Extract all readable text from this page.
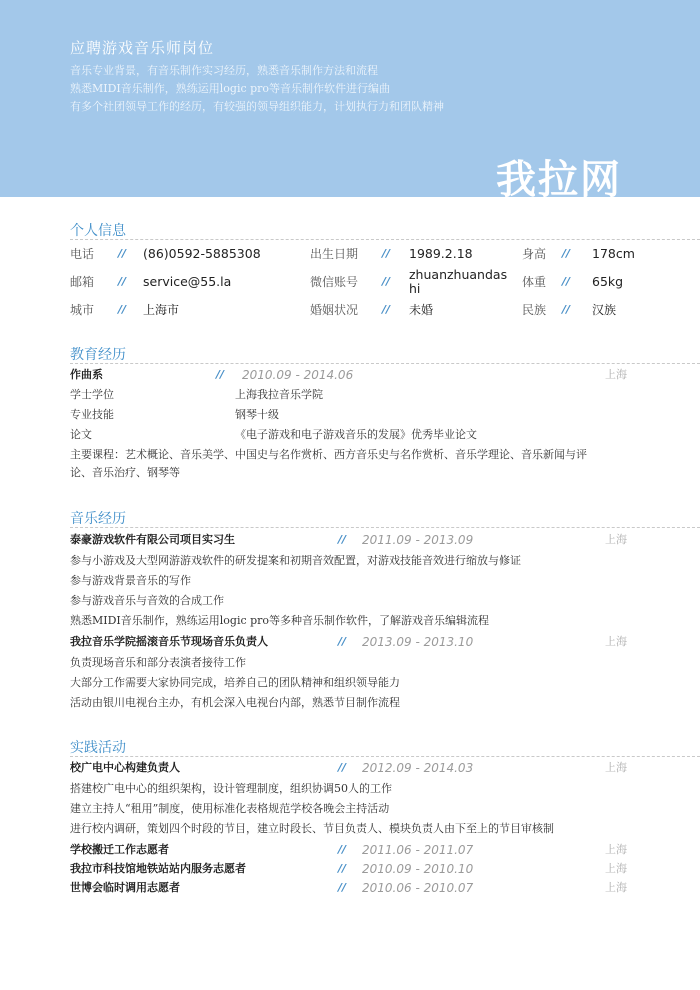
应聘游戏音乐师岗位
音乐专业背景，有音乐制作实习经历，熟悉音乐制作方法和流程
熟悉MIDI音乐制作，熟练运用logic pro等音乐制作软件进行编曲
有多个社团领导工作的经历，有较强的领导组织能力，计划执行力和团队精神
我拉网
个人信息
电话 // (86)0592-5885308	出生日期 // 1989.2.18	身高 // 178cm
邮箱 // service@55.la	微信账号 // zhuanzhuandashi	体重 // 65kg
城市 // 上海市	婚姻状况 // 未婚	民族 // 汉族
教育经历
作曲系	// 2010.09 - 2014.06	上海
学士学位	上海我拉音乐学院
专业技能	钢琴十级
论文	《电子游戏和电子游戏音乐的发展》优秀毕业论文
主要课程：艺术概论、音乐美学、中国史与名作赏析、西方音乐史与名作赏析、音乐学理论、音乐新闻与评
论、音乐治疗、钢琴等
音乐经历
泰豪游戏软件有限公司项目实习生	// 2011.09 - 2013.09	上海
参与小游戏及大型网游游戏软件的研发提案和初期音效配置，对游戏技能音效进行缩放与修证
参与游戏背景音乐的写作
参与游戏音乐与音效的合成工作
熟悉MIDI音乐制作，熟练运用logic pro等多种音乐制作软件，了解游戏音乐编辑流程
我拉音乐学院摇滚音乐节现场音乐负责人	// 2013.09 - 2013.10	上海
负责现场音乐和部分表演者接待工作
大部分工作需要大家协同完成，培养自己的团队精神和组织领导能力
活动由银川电视台主办，有机会深入电视台内部，熟悉节目制作流程
实践活动
校广电中心构建负责人	// 2012.09 - 2014.03	上海
搭建校广电中心的组织架构，设计管理制度，组织协调50人的工作
建立主持人“租用”制度，使用标准化表格规范学校各晚会主持活动
进行校内调研，策划四个时段的节目，建立时段长、节目负责人、模块负责人由下至上的节目审核制
学校搬迁工作志愿者	// 2011.06 - 2011.07	上海
我拉市科技馆地铁站站内服务志愿者	// 2010.09 - 2010.10	上海
世博会临时调用志愿者	// 2010.06 - 2010.07	上海
